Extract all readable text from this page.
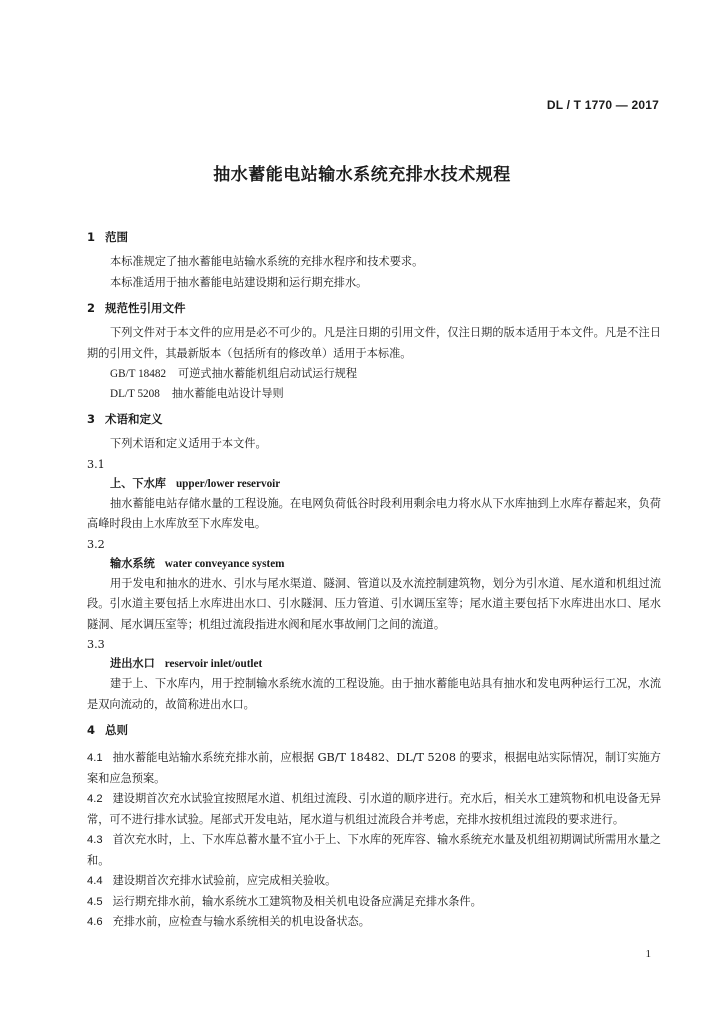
DL / T 1770 — 2017
抽水蓄能电站输水系统充排水技术规程
1 范围

本标准规定了抽水蓄能电站输水系统的充排水程序和技术要求。

本标准适用于抽水蓄能电站建设期和运行期充排水。

2 规范性引用文件

下列文件对于本文件的应用是必不可少的。凡是注日期的引用文件，仅注日期的版本适用于本文件。凡是不注日期的引用文件，其最新版本（包括所有的修改单）适用于本标准。

GB/T 18482 可逆式抽水蓄能机组启动试运行规程

DL/T 5208 抽水蓄能电站设计导则

3 术语和定义

下列术语和定义适用于本文件。

3.1

上、下水库 upper/lower reservoir

抽水蓄能电站存储水量的工程设施。在电网负荷低谷时段利用剩余电力将水从下水库抽到上水库存蓄起来，负荷高峰时段由上水库放至下水库发电。

3.2

输水系统 water conveyance system

用于发电和抽水的进水、引水与尾水渠道、隧洞、管道以及水流控制建筑物，划分为引水道、尾水道和机组过流段。引水道主要包括上水库进出水口、引水隧洞、压力管道、引水调压室等；尾水道主要包括下水库进出水口、尾水隧洞、尾水调压室等；机组过流段指进水阀和尾水事故闸门之间的流道。

3.3

进出水口 reservoir inlet/outlet

建于上、下水库内，用于控制输水系统水流的工程设施。由于抽水蓄能电站具有抽水和发电两种运行工况，水流是双向流动的，故简称进出水口。

4 总则

4.1 抽水蓄能电站输水系统充排水前，应根据 GB/T 18482、DL/T 5208 的要求，根据电站实际情况，制订实施方案和应急预案。

4.2 建设期首次充水试验宜按照尾水道、机组过流段、引水道的顺序进行。充水后，相关水工建筑物和机电设备无异常，可不进行排水试验。尾部式开发电站，尾水道与机组过流段合并考虑，充排水按机组过流段的要求进行。

4.3 首次充水时，上、下水库总蓄水量不宜小于上、下水库的死库容、输水系统充水量及机组初期调试所需用水量之和。

4.4 建设期首次充排水试验前，应完成相关验收。

4.5 运行期充排水前，输水系统水工建筑物及相关机电设备应满足充排水条件。

4.6 充排水前，应检查与输水系统相关的机电设备状态。

1
